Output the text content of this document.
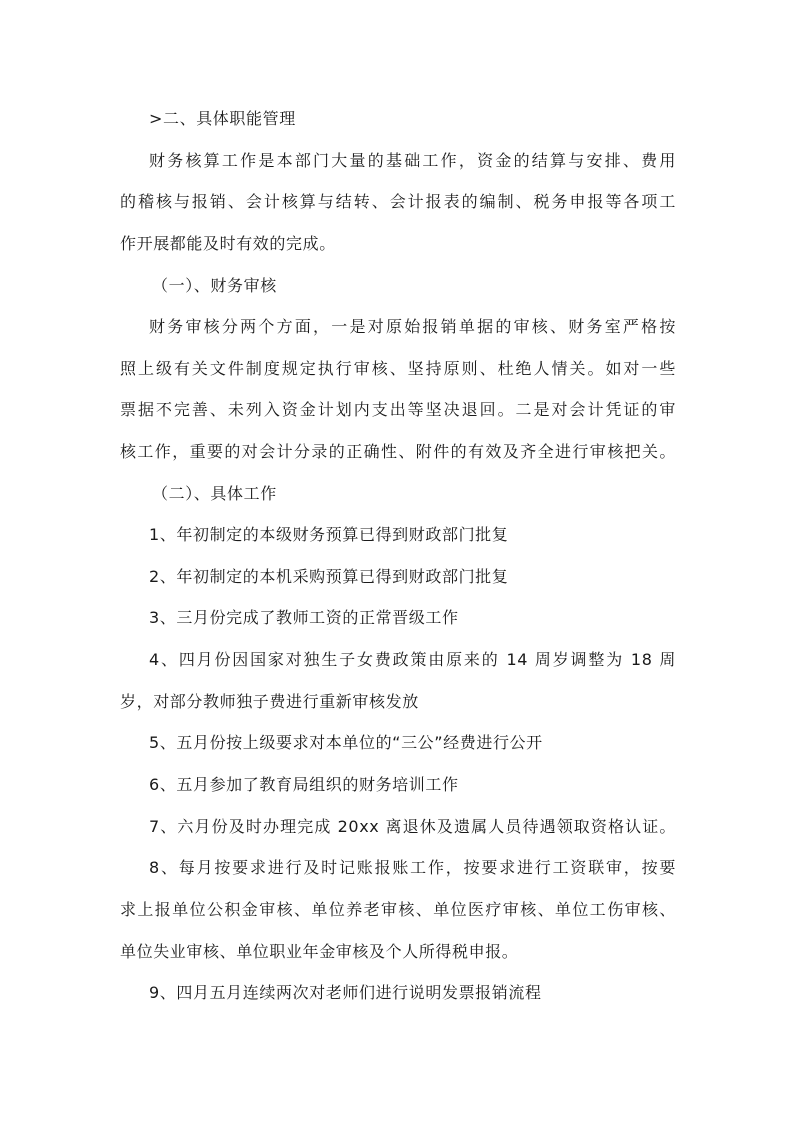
>二、具体职能管理
财务核算工作是本部门大量的基础工作，资金的结算与安排、费用
的稽核与报销、会计核算与结转、会计报表的编制、税务申报等各项工
作开展都能及时有效的完成。
（一）、财务审核
财务审核分两个方面，一是对原始报销单据的审核、财务室严格按
照上级有关文件制度规定执行审核、坚持原则、杜绝人情关。如对一些
票据不完善、未列入资金计划内支出等坚决退回。二是对会计凭证的审
核工作，重要的对会计分录的正确性、附件的有效及齐全进行审核把关。
（二）、具体工作
1、年初制定的本级财务预算已得到财政部门批复
2、年初制定的本机采购预算已得到财政部门批复
3、三月份完成了教师工资的正常晋级工作
4、四月份因国家对独生子女费政策由原来的 14 周岁调整为 18 周
岁，对部分教师独子费进行重新审核发放
5、五月份按上级要求对本单位的“三公”经费进行公开
6、五月参加了教育局组织的财务培训工作
7、六月份及时办理完成 20xx 离退休及遗属人员待遇领取资格认证。
8、每月按要求进行及时记账报账工作，按要求进行工资联审，按要
求上报单位公积金审核、单位养老审核、单位医疗审核、单位工伤审核、
单位失业审核、单位职业年金审核及个人所得税申报。
9、四月五月连续两次对老师们进行说明发票报销流程
